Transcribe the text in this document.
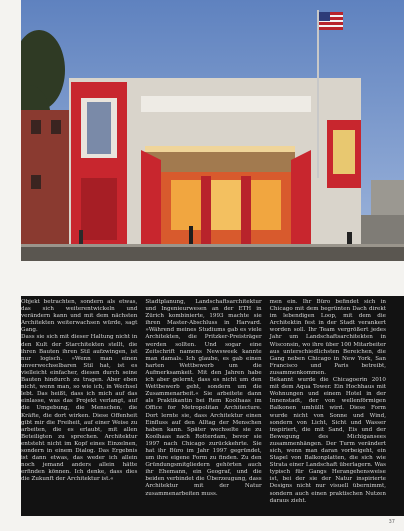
Objekt betrachten, sondern als etwas, das sich weiterentwickeln und verändern kann und mit dem nächsten Architekten weiterwachsen würde, sagt Gang.
Dass sie sich mit dieser Haltung nicht in den Kult der Starchitekten stellt, die ihren Bauten ihren Stil aufzwingen, ist nur logisch. »Wenn man einen unverwechselbaren Stil hat, ist es vielleicht einfacher, diesen durch seine Bauten hindurch zu tragen. Aber eben nicht, wenn man, so wie ich, in Wechsel lebt. Das heißt, dass ich mich auf das einlasse, was das Projekt verlangt, auf die Umgebung, die Menschen, die Kräfte, die dort wirken. Diese Offenheit gibt mir die Freiheit, auf einer Weise zu arbeiten, die es erlaubt, mit allen Beteiligten zu sprechen. Architektur entsteht nicht im Kopf eines Einzelnen, sondern in einem Dialog. Das Ergebnis ist dann etwas, das weder ich allein noch jemand anders allein hätte erfinden können. Ich denke, dass dies die Zukunft der Architektur ist.«
Stadtplanung, Landschaftsarchitektur und Ingenieurwesen an der ETH in Zürich kombinierte, 1993 machte sie ihren Master-Abschluss in Harvard. »Während meines Studiums gab es viele Architekten, die Pritzker-Preisträger werden sollten. Und sogar eine Zeitschrift namens Newsweek kannte man damals. Ich glaube, es gab einen harten Wettbewerb um die Aufmerksamkeit. Mit den Jahren habe ich aber gelernt, dass es nicht um den Wettbewerb geht, sondern um die Zusammenarbeit.« Sie arbeitete dann als Praktikantin bei Rem Koolhaas im Office for Metropolitan Architecture. Dort lernte sie, dass Architektur einen Einfluss auf den Alltag der Menschen haben kann. Später wechselte sie zu Koolhaas nach Rotterdam, bevor sie 1997 nach Chicago zurückkehrte. Sie hat ihr Büro im Jahr 1997 gegründet, um ihre eigene Form zu finden. Zu den Gründungsmitgliedern gehörten auch ihr Ehemann, ein Geograf, und die beiden verbindet die Überzeugung, dass Architektur mit der Natur zusammenarbeiten muss.
men ein. Ihr Büro befindet sich in Chicago mit dem begrünten Dach direkt im lebendigen Loop, mit dem die Architektin fest in der Stadt verankert worden soll. Ihr Team vergrößert jedes Jahr um Landschaftsarchitekten in Wisconsin, wo ihre über 100 Mitarbeiter aus unterschiedlichsten Bereichen, die Gang neben Chicago in New York, San Francisco und Paris betreibt, zusammenkommen.
Bekannt wurde die Chicagoerin 2010 mit dem Aqua Tower. Ein Hochhaus mit Wohnungen und einem Hotel in der Innenstadt, der von wellenförmigen Balkonen umhüllt wird. Diese Form wurde nicht von Sonne und Wind, sondern von Licht, Sicht und Wasser inspiriert, die mit Sand, Eis und der Bewegung des Michigansees zusammenhängen. Der Turm verändert sich, wenn man daran vorbeigeht, ein Stapel von Balkonplatten, die sich wie Strata einer Landschaft überlagern. Was typisch für Gangs Herangehensweise ist, bei der sie der Natur inspirierte Designs nicht nur visuell übernimmt, sondern auch einen praktischen Nutzen daraus zieht.
37
